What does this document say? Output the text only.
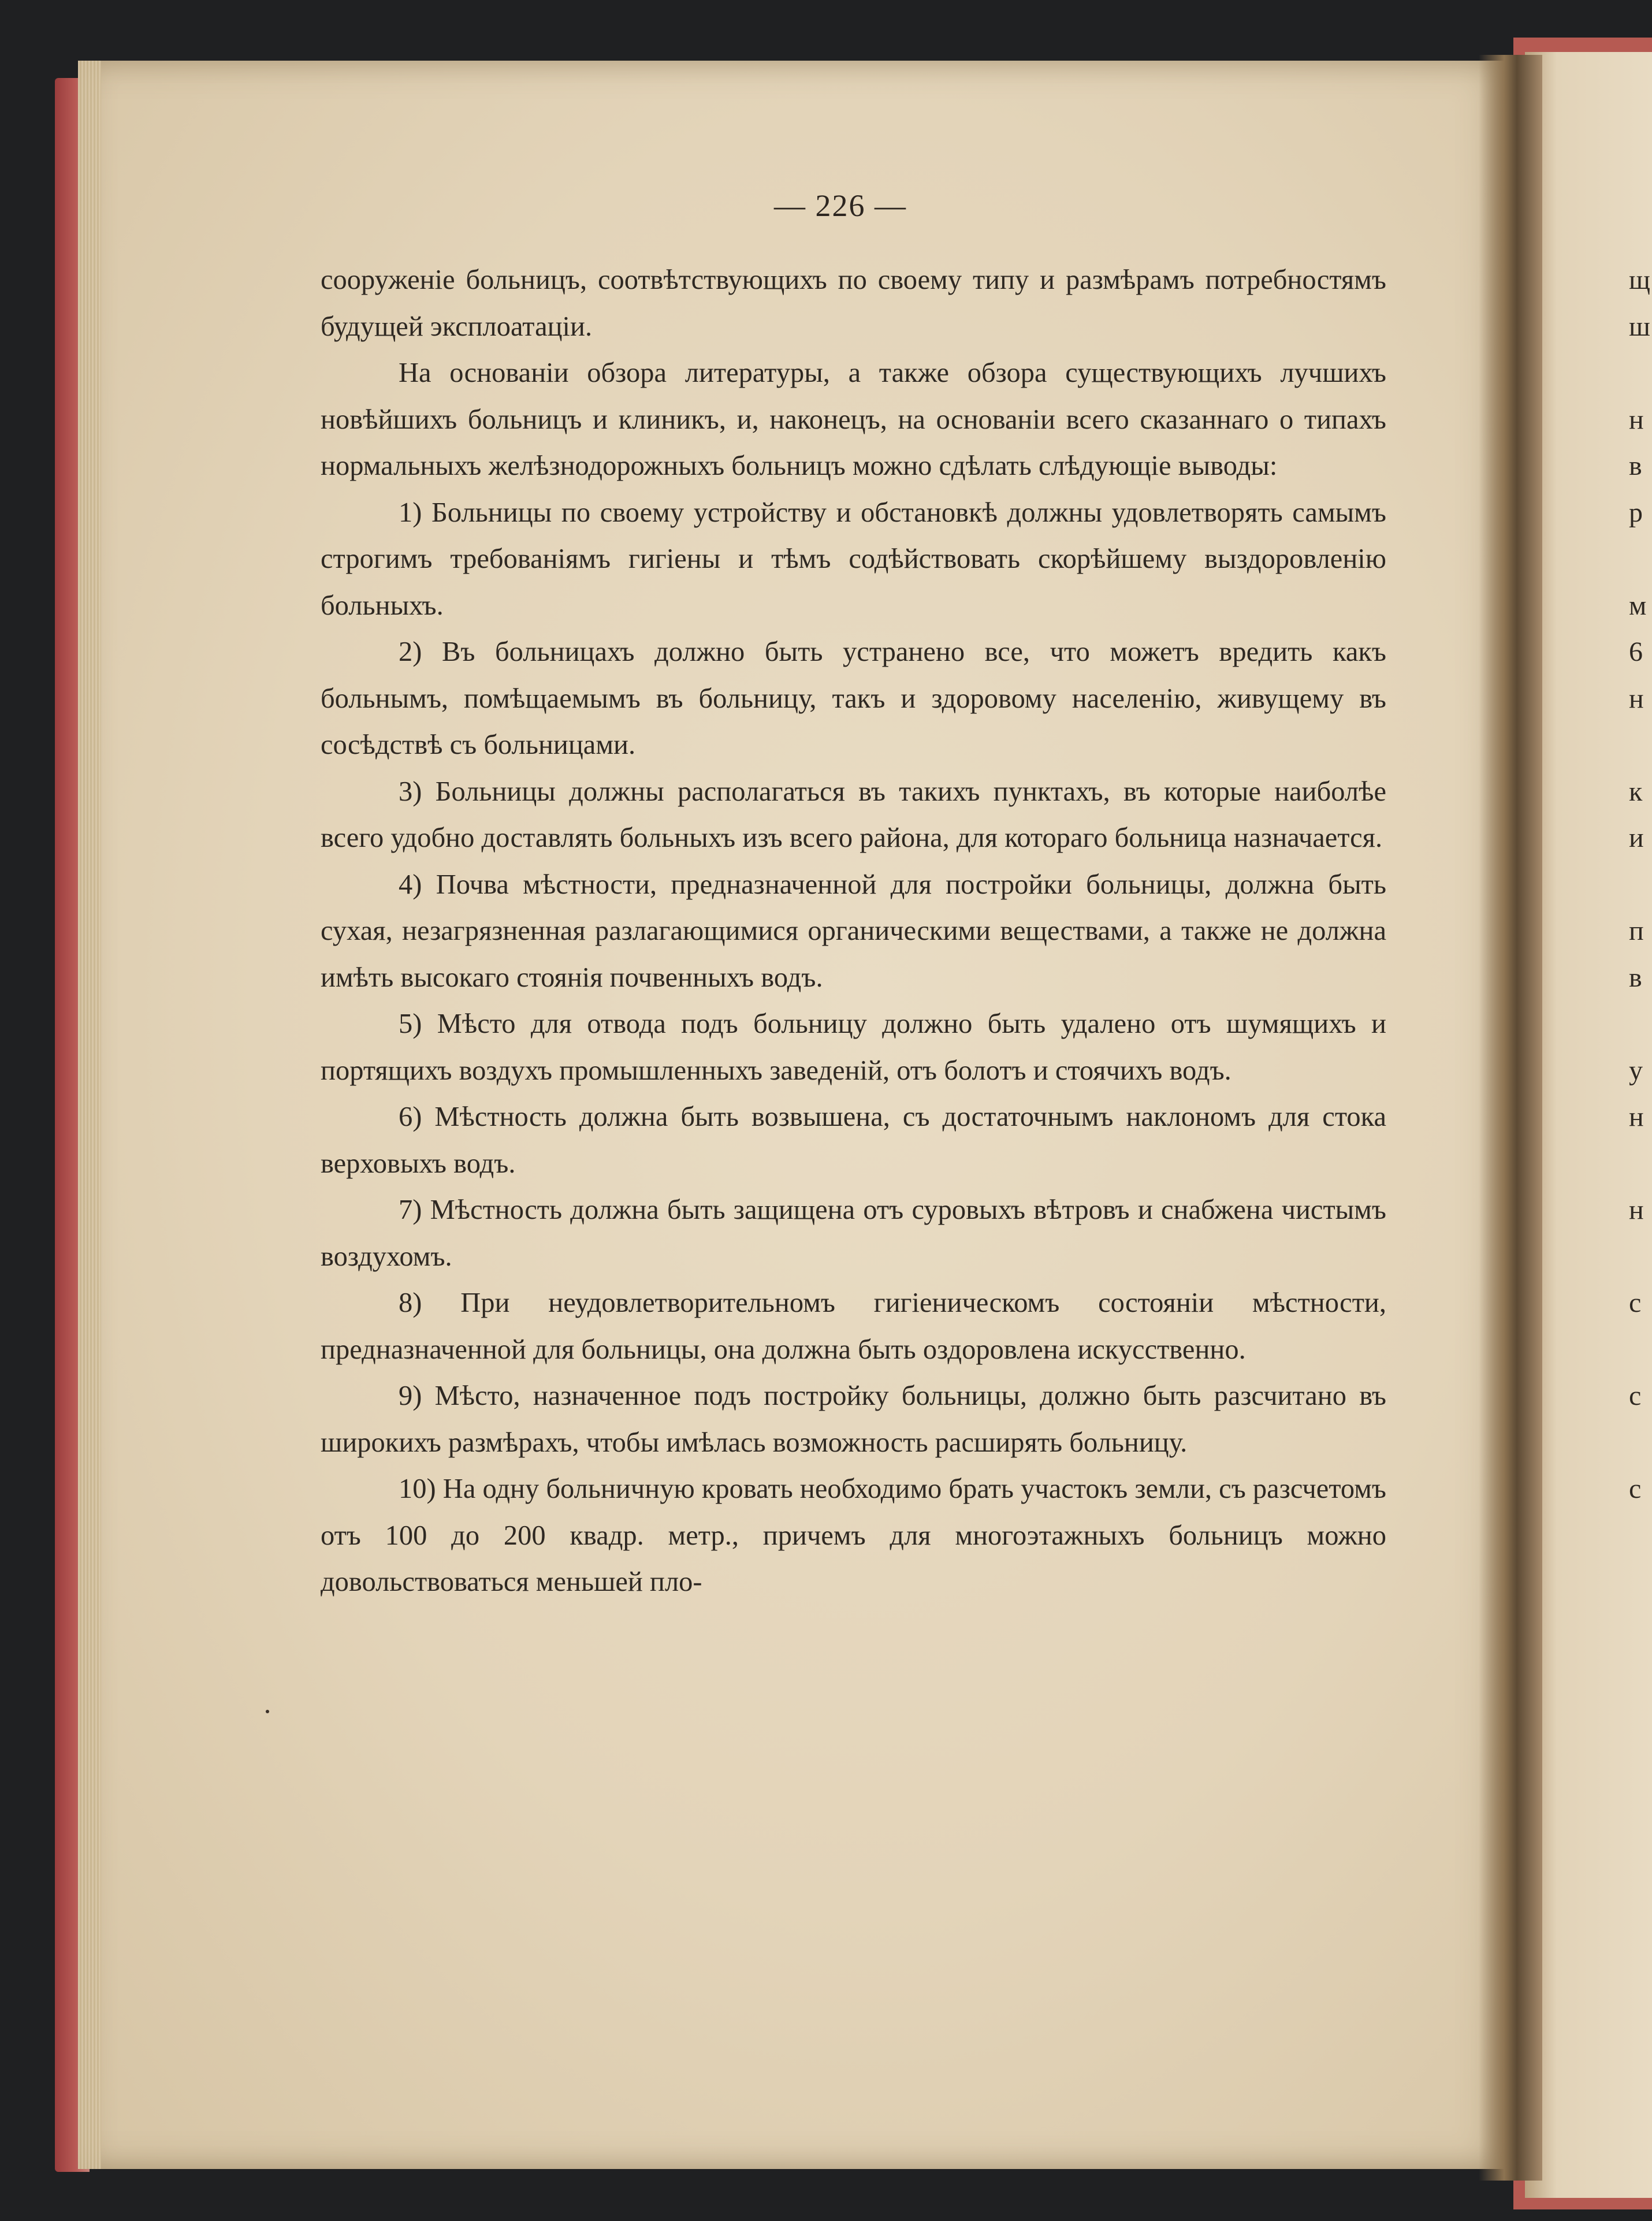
— 226 —

сооруженіе больницъ, соотвѣтствующихъ по своему типу и размѣрамъ потребностямъ будущей эксплоатаціи.

На основаніи обзора литературы, а также обзора существующихъ лучшихъ новѣйшихъ больницъ и клиникъ, и, наконецъ, на основаніи всего сказаннаго о типахъ нормальныхъ желѣзнодорожныхъ больницъ можно сдѣлать слѣдующіе выводы:

1) Больницы по своему устройству и обстановкѣ должны удовлетворять самымъ строгимъ требованіямъ гигіены и тѣмъ содѣйствовать скорѣйшему выздоровленію больныхъ.

2) Въ больницахъ должно быть устранено все, что можетъ вредить какъ больнымъ, помѣщаемымъ въ больницу, такъ и здоровому населенію, живущему въ сосѣдствѣ съ больницами.

3) Больницы должны располагаться въ такихъ пунктахъ, въ которые наиболѣе всего удобно доставлять больныхъ изъ всего района, для котораго больница назначается.

4) Почва мѣстности, предназначенной для постройки больницы, должна быть сухая, незагрязненная разлагающимися органическими веществами, а также не должна имѣть высокаго стоянія почвенныхъ водъ.

5) Мѣсто для отвода подъ больницу должно быть удалено отъ шумящихъ и портящихъ воздухъ промышленныхъ заведеній, отъ болотъ и стоячихъ водъ.

6) Мѣстность должна быть возвышена, съ достаточнымъ наклономъ для стока верховыхъ водъ.

7) Мѣстность должна быть защищена отъ суровыхъ вѣтровъ и снабжена чистымъ воздухомъ.

8) При неудовлетворительномъ гигіеническомъ состояніи мѣстности, предназначенной для больницы, она должна быть оздоровлена искусственно.

9) Мѣсто, назначенное подъ постройку больницы, должно быть разсчитано въ широкихъ размѣрахъ, чтобы имѣлась возможность расширять больницу.

10) На одну больничную кровать необходимо брать участокъ земли, съ разсчетомъ отъ 100 до 200 квадр. метр., причемъ для многоэтажныхъ больницъ можно довольствоваться меньшей пло-

щ
ш
н
в
р
м
6
н
к
и
п
в
у
н
н
с
с
с
